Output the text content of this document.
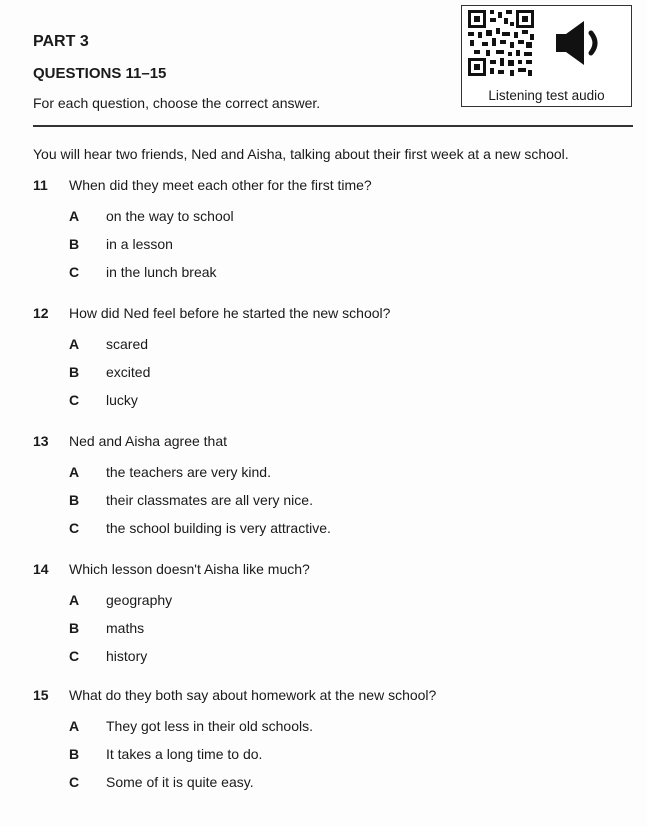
PART 3
QUESTIONS 11–15
For each question, choose the correct answer.	Listening test audio
You will hear two friends, Ned and Aisha, talking about their first week at a new school.
11 When did they meet each other for the first time?
A	on the way to school
B	in a lesson
C	in the lunch break
12 How did Ned feel before he started the new school?
A	scared
B	excited
C	lucky
13 Ned and Aisha agree that
A	the teachers are very kind.
B	their classmates are all very nice.
C	the school building is very attractive.
14 Which lesson doesn't Aisha like much?
A	geography
B	maths
C	history
15 What do they both say about homework at the new school?
A	They got less in their old schools.
B	It takes a long time to do.
C	Some of it is quite easy.
